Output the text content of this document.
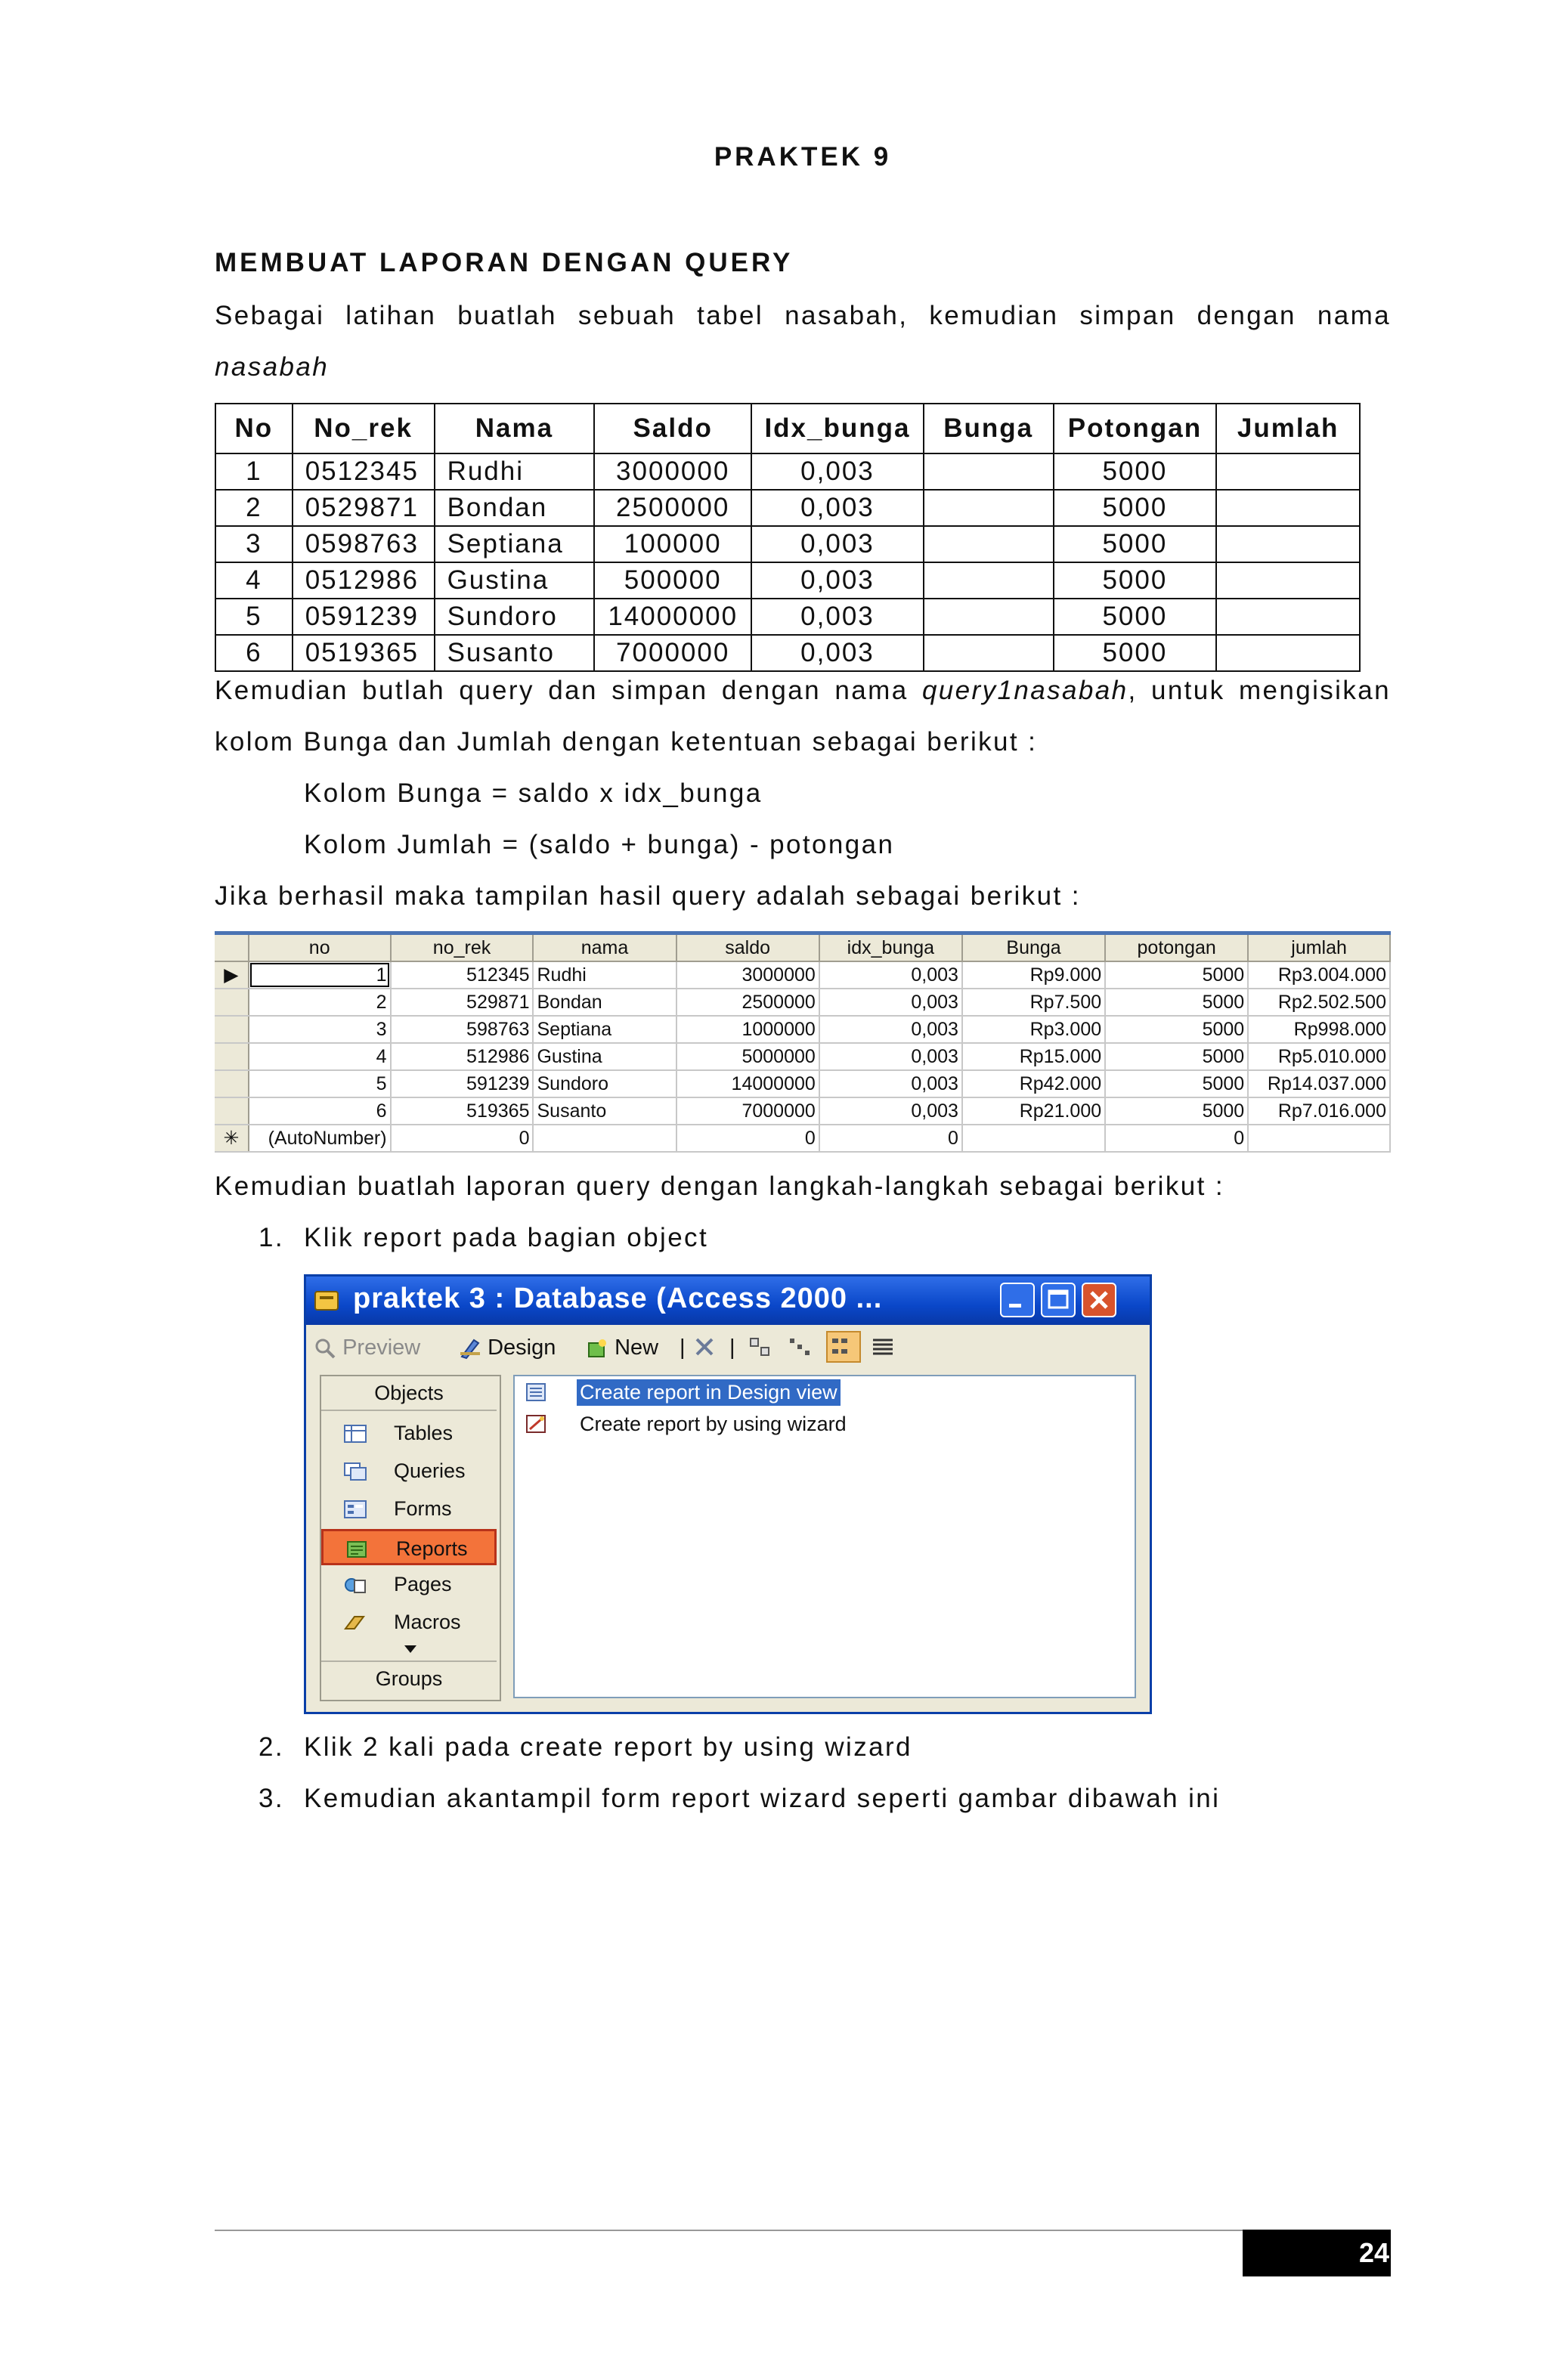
PRAKTEK 9
MEMBUAT LAPORAN DENGAN QUERY
Sebagai latihan buatlah sebuah tabel nasabah, kemudian simpan dengan nama
nasabah
No	No_rek	Nama	Saldo	Idx_bunga	Bunga	Potongan	Jumlah
1	0512345	Rudhi	3000000	0,003		5000	
2	0529871	Bondan	2500000	0,003		5000	
3	0598763	Septiana	100000	0,003		5000	
4	0512986	Gustina	500000	0,003		5000	
5	0591239	Sundoro	14000000	0,003		5000	
6	0519365	Susanto	7000000	0,003		5000	
Kemudian butlah query dan simpan dengan nama query1nasabah, untuk mengisikan
kolom Bunga dan Jumlah dengan ketentuan sebagai berikut :
Kolom Bunga = saldo x idx_bunga
Kolom Jumlah = (saldo + bunga) - potongan
Jika berhasil maka tampilan hasil query adalah sebagai berikut :
	no	no_rek	nama	saldo	idx_bunga	Bunga	potongan	jumlah
▶	1	512345	Rudhi	3000000	0,003	Rp9.000	5000	Rp3.004.000
	2	529871	Bondan	2500000	0,003	Rp7.500	5000	Rp2.502.500
	3	598763	Septiana	1000000	0,003	Rp3.000	5000	Rp998.000
	4	512986	Gustina	5000000	0,003	Rp15.000	5000	Rp5.010.000
	5	591239	Sundoro	14000000	0,003	Rp42.000	5000	Rp14.037.000
	6	519365	Susanto	7000000	0,003	Rp21.000	5000	Rp7.016.000
✳	(AutoNumber)	0		0	0		0	
Kemudian buatlah laporan query dengan langkah-langkah sebagai berikut :
1. Klik report pada bagian object
praktek 3 : Database (Access 2000 ...
Preview	Design	New | |
Objects
Tables
Queries
Forms
Reports
Pages
Macros
Groups
Create report in Design view
Create report by using wizard
2. Klik 2 kali pada create report by using wizard
3. Kemudian akantampil form report wizard seperti gambar dibawah ini
24
